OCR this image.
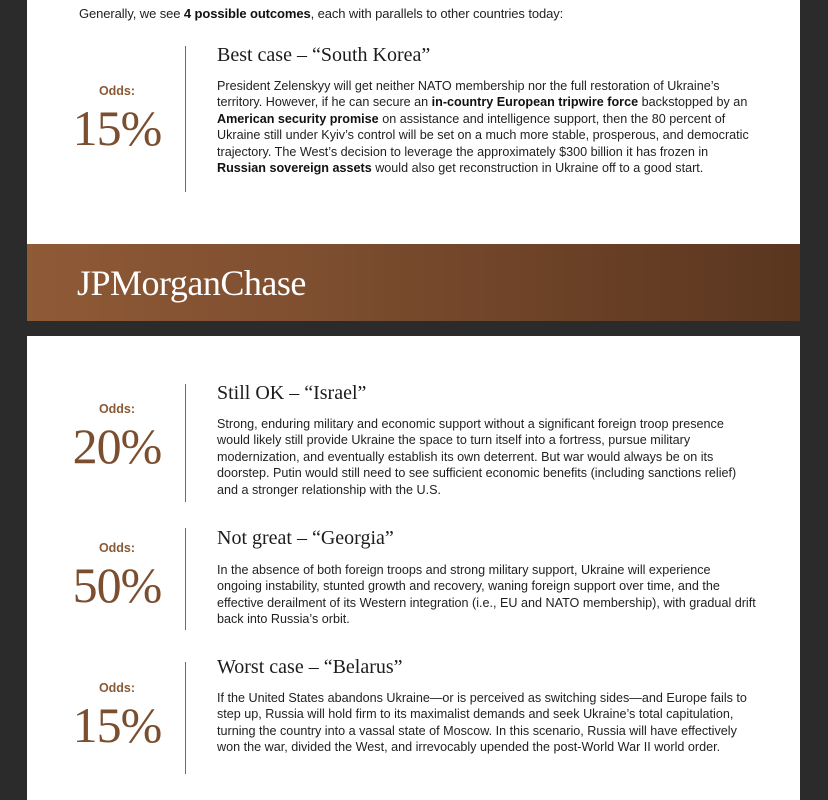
Generally, we see 4 possible outcomes, each with parallels to other countries today:
Odds:
15%
Best case – “South Korea”
President Zelenskyy will get neither NATO membership nor the full restoration of Ukraine’s territory. However, if he can secure an in-country European tripwire force backstopped by an American security promise on assistance and intelligence support, then the 80 percent of Ukraine still under Kyiv’s control will be set on a much more stable, prosperous, and democratic trajectory. The West’s decision to leverage the approximately $300 billion it has frozen in Russian sovereign assets would also get reconstruction in Ukraine off to a good start.
JPMorganChase
Odds:
20%
Still OK – “Israel”
Strong, enduring military and economic support without a significant foreign troop presence would likely still provide Ukraine the space to turn itself into a fortress, pursue military modernization, and eventually establish its own deterrent. But war would always be on its doorstep. Putin would still need to see sufficient economic benefits (including sanctions relief) and a stronger relationship with the U.S.
Odds:
50%
Not great – “Georgia”
In the absence of both foreign troops and strong military support, Ukraine will experience ongoing instability, stunted growth and recovery, waning foreign support over time, and the effective derailment of its Western integration (i.e., EU and NATO membership), with gradual drift back into Russia’s orbit.
Odds:
15%
Worst case – “Belarus”
If the United States abandons Ukraine—or is perceived as switching sides—and Europe fails to step up, Russia will hold firm to its maximalist demands and seek Ukraine’s total capitulation, turning the country into a vassal state of Moscow. In this scenario, Russia will have effectively won the war, divided the West, and irrevocably upended the post-World War II world order.
